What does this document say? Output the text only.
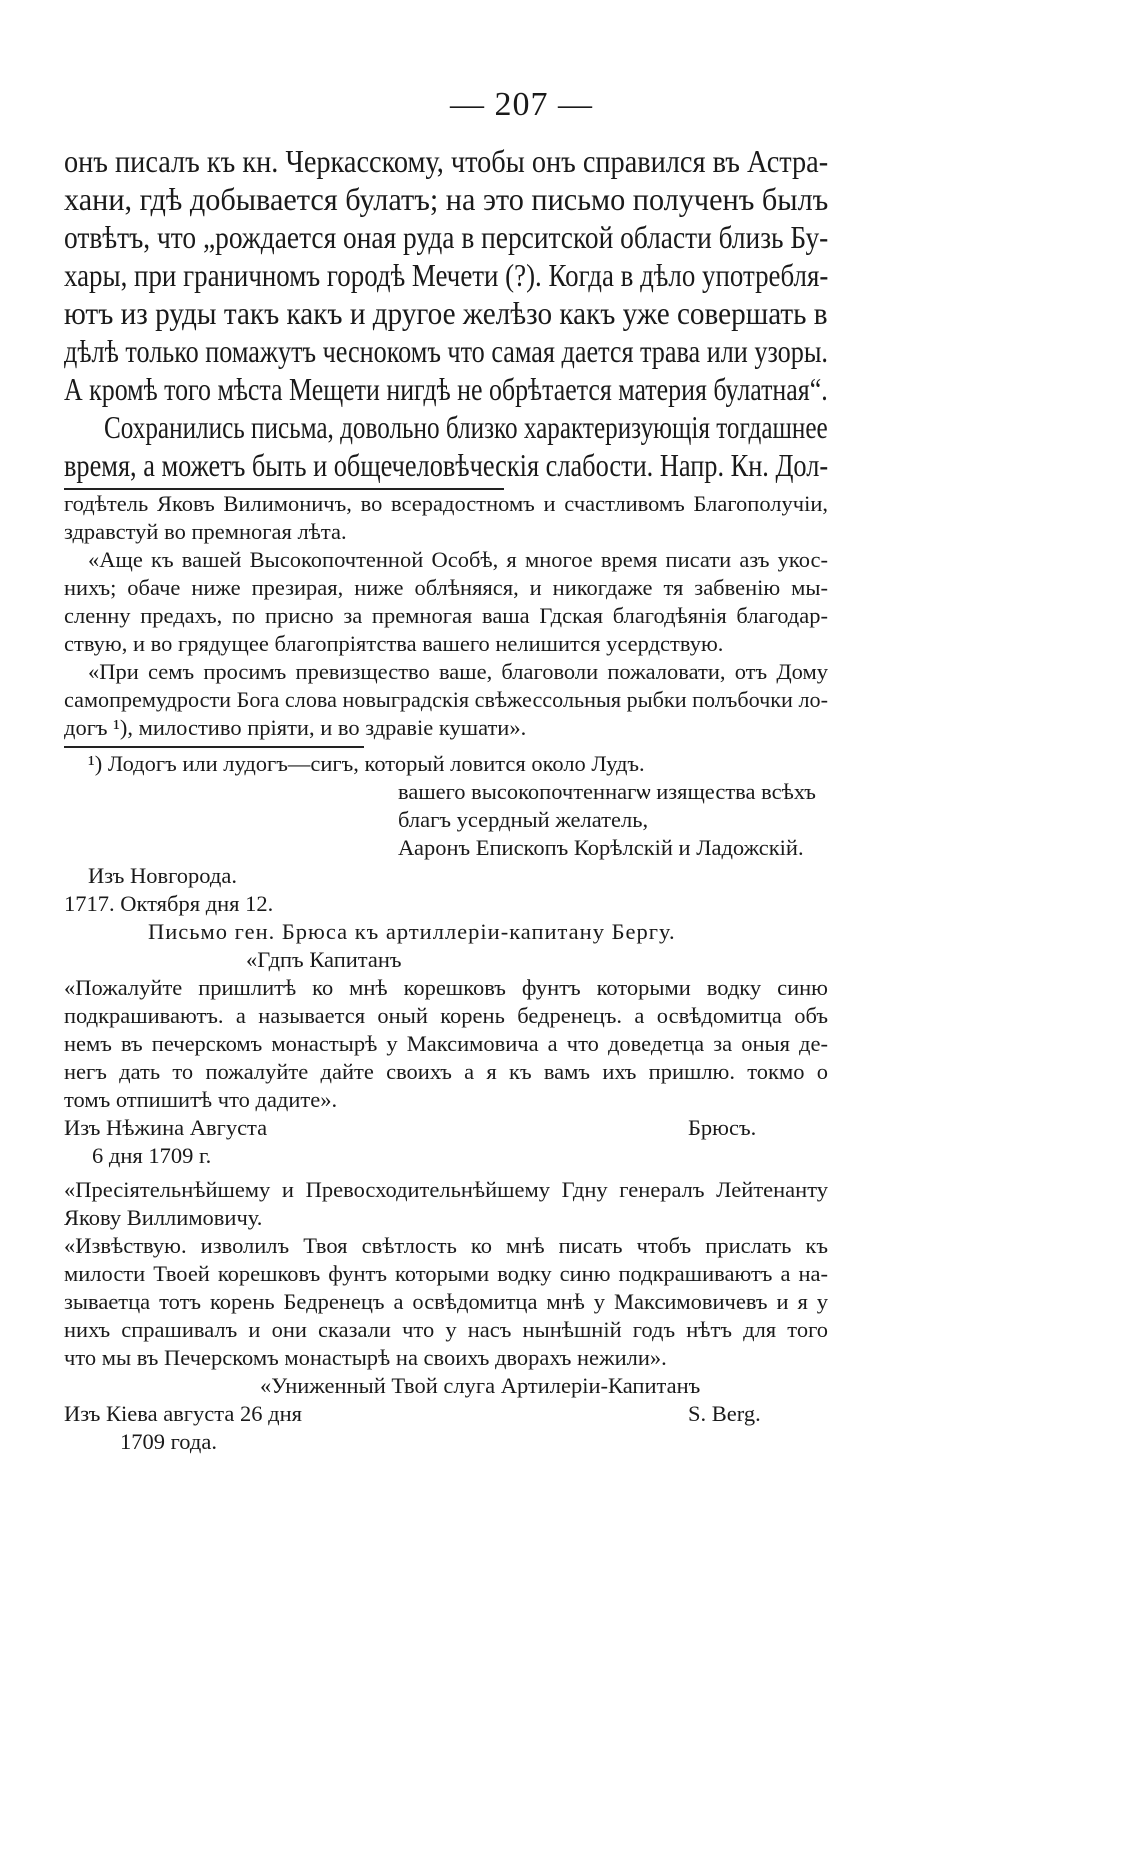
— 207 —
онъ писалъ къ кн. Черкасскому, чтобы онъ справился въ Астра-
хани, гдѣ добывается булатъ; на это письмо полученъ былъ
отвѣтъ, что „рождается оная руда в перситской области близь Бу-
хары, при граничномъ городѣ Мечети (?). Когда в дѣло употребля-
ютъ из руды такъ какъ и другое желѣзо какъ уже совершать в
дѣлѣ только помажутъ чеснокомъ что самая дается трава или узоры.
А кромѣ того мѣста Мещети нигдѣ не обрѣтается материя булатная“.
Сохранились письма, довольно близко характеризующія тогдашнее
время, а можетъ быть и общечеловѣческія слабости. Напр. Кн. Дол-
годѣтель Яковъ Вилимоничъ, во всерадостномъ и счастливомъ Благополучіи,
здравстуй во премногая лѣта.
«Аще къ вашей Высокопочтенной Особѣ, я многое время писати азъ укос-
нихъ; обаче ниже презирая, ниже облѣняяся, и никогдаже тя забвенію мы-
сленну предахъ, по присно за премногая ваша Гдская благодѣянія благодар-
ствую, и во грядущее благопріятства вашего нелишится усердствую.
«При семъ просимъ превизщество ваше, благоволи пожаловати, отъ Дому
самопремудрости Бога слова новыградскія свѣжессольныя рыбки полъбочки ло-
догъ ¹), милостиво пріяти, и во здравіе кушати».
¹) Лодогъ или лудогъ—сигъ, который ловится около Лудъ.
вашего высокопочтеннагѡ изящества всѣхъ
благъ усердный желатель,
Ааронъ Епископъ Корѣлскій и Ладожскій.
Изъ Новгорода.
1717. Октября дня 12.
Письмо ген. Брюса къ артиллеріи-капитану Бергу.
«Гдпъ Капитанъ
«Пожалуйте пришлитѣ ко мнѣ корешковъ фунтъ которыми водку синю
подкрашиваютъ. а называется оный корень бедренецъ. а освѣдомитца объ
немъ въ печерскомъ монастырѣ у Максимовича а что доведетца за оныя де-
негъ дать то пожалуйте дайте своихъ а я къ вамъ ихъ пришлю. токмо о
томъ отпишитѣ что дадите».
Изъ Нѣжина Августа	Брюсъ.
6 дня 1709 г.
«Пресіятельнѣйшему и Превосходительнѣйшему Гдну генералъ Лейтенанту
Якову Виллимовичу.
«Извѣствую. изволилъ Твоя свѣтлость ко мнѣ писать чтобъ прислать къ
милости Твоей корешковъ фунтъ которыми водку синю подкрашиваютъ а на-
зываетца тотъ корень Бедренецъ а освѣдомитца мнѣ у Максимовичевъ и я у
нихъ спрашивалъ и они сказали что у насъ нынѣшній годъ нѣтъ для того
что мы въ Печерскомъ монастырѣ на своихъ дворахъ нежили».
«Униженный Твой слуга Артилеріи-Капитанъ
Изъ Кіева августа 26 дня	S. Berg.
1709 года.
